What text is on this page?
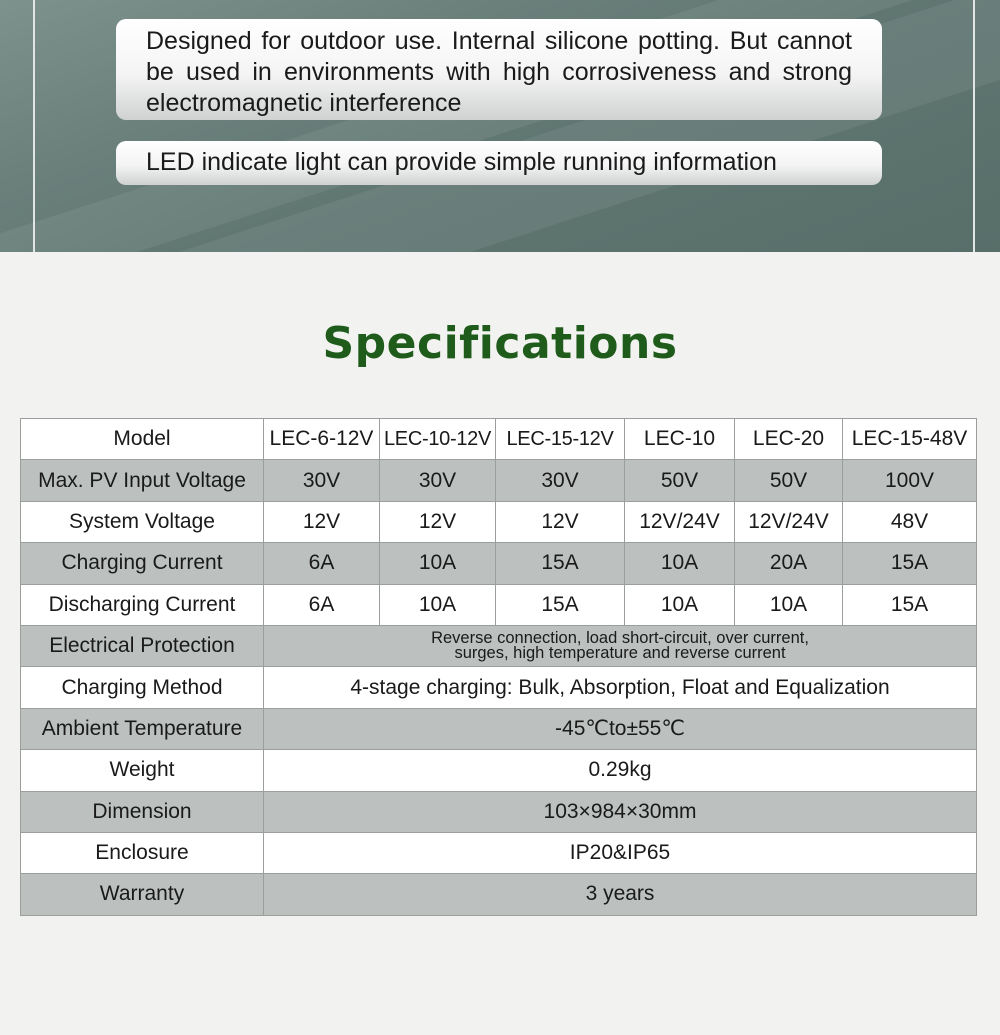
Designed for outdoor use. Internal silicone potting. But cannot be used in environments with high corrosiveness and strong electromagnetic interference
LED indicate light can provide simple running information
Specifications
Model	LEC-6-12V	LEC-10-12V	LEC-15-12V	LEC-10	LEC-20	LEC-15-48V
Max. PV Input Voltage	30V	30V	30V	50V	50V	100V
System Voltage	12V	12V	12V	12V/24V	12V/24V	48V
Charging Current	6A	10A	15A	10A	20A	15A
Discharging Current	6A	10A	15A	10A	10A	15A
Electrical Protection	Reverse connection, load short-circuit, over current,
surges, high temperature and reverse current					

Charging Method	4-stage charging: Bulk, Absorption, Float and Equalization					
Ambient Temperature	-45℃to±55℃					
Weight	0.29kg					
Dimension	103×984×30mm					
Enclosure	IP20&IP65					
Warranty	3 years					
